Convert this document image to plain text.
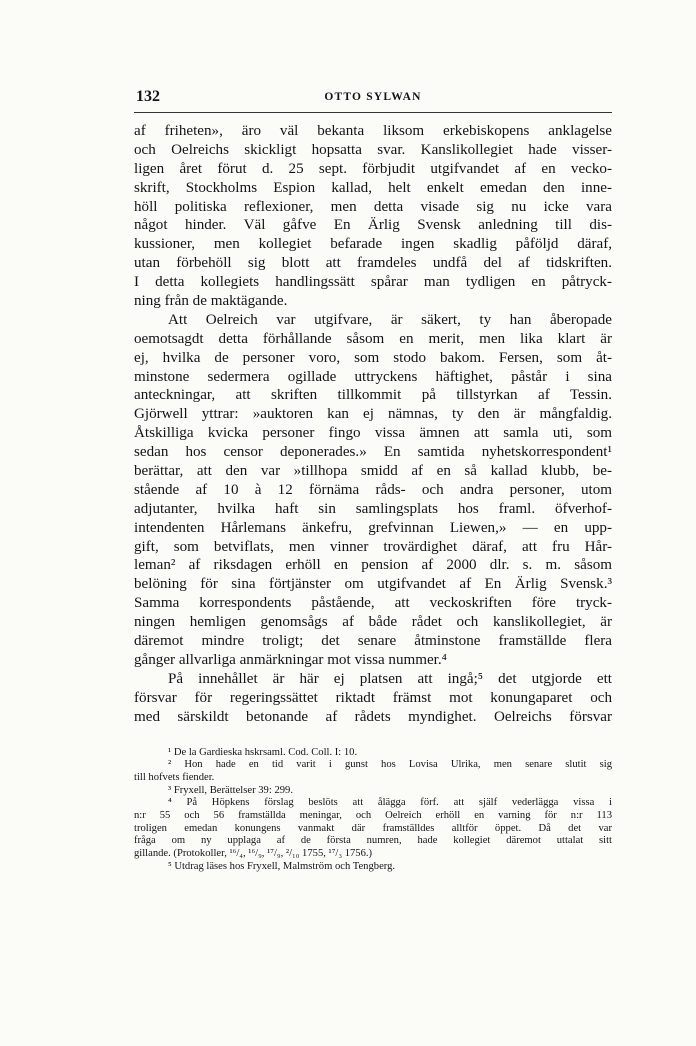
132	OTTO SYLWAN
af friheten», äro väl bekanta liksom erkebiskopens anklagelse
och Oelreichs skickligt hopsatta svar. Kanslikollegiet hade visser-
ligen året förut d. 25 sept. förbjudit utgifvandet af en vecko-
skrift, Stockholms Espion kallad, helt enkelt emedan den inne-
höll politiska reflexioner, men detta visade sig nu icke vara
något hinder. Väl gåfve En Ärlig Svensk anledning till dis-
kussioner, men kollegiet befarade ingen skadlig påföljd däraf,
utan förbehöll sig blott att framdeles undfå del af tidskriften.
I detta kollegiets handlingssätt spårar man tydligen en påtryck-
ning från de maktägande.
Att Oelreich var utgifvare, är säkert, ty han åberopade
oemotsagdt detta förhållande såsom en merit, men lika klart är
ej, hvilka de personer voro, som stodo bakom. Fersen, som åt-
minstone sedermera ogillade uttryckens häftighet, påstår i sina
anteckningar, att skriften tillkommit på tillstyrkan af Tessin.
Gjörwell yttrar: »auktoren kan ej nämnas, ty den är mångfaldig.
Åtskilliga kvicka personer fingo vissa ämnen att samla uti, som
sedan hos censor deponerades.» En samtida nyhetskorrespondent¹
berättar, att den var »tillhopa smidd af en så kallad klubb, be-
stående af 10 à 12 förnäma råds- och andra personer, utom
adjutanter, hvilka haft sin samlingsplats hos framl. öfverhof-
intendenten Hårlemans änkefru, grefvinnan Liewen,» — en upp-
gift, som betviflats, men vinner trovärdighet däraf, att fru Hår-
leman² af riksdagen erhöll en pension af 2000 dlr. s. m. såsom
belöning för sina förtjänster om utgifvandet af En Ärlig Svensk.³
Samma korrespondents påstående, att veckoskriften före tryck-
ningen hemligen genomsågs af både rådet och kanslikollegiet, är
däremot mindre troligt; det senare åtminstone framställde flera
gånger allvarliga anmärkningar mot vissa nummer.⁴
På innehållet är här ej platsen att ingå;⁵ det utgjorde ett
försvar för regeringssättet riktadt främst mot konungaparet och
med särskildt betonande af rådets myndighet. Oelreichs försvar
¹ De la Gardieska hskrsaml. Cod. Coll. I: 10.
² Hon hade en tid varit i gunst hos Lovisa Ulrika, men senare slutit sig
till hofvets fiender.
³ Fryxell, Berättelser 39: 299.
⁴ På Höpkens förslag beslöts att ålägga förf. att själf vederlägga vissa i
n:r 55 och 56 framställda meningar, och Oelreich erhöll en varning för n:r 113
troligen emedan konungens vanmakt där framställdes alltför öppet. Då det var
fråga om ny upplaga af de första numren, hade kollegiet däremot uttalat sitt
gillande. (Protokoller, ¹⁶/₄, ¹⁶/₉, ¹⁷/₉, ²/₁₀ 1755, ¹⁷/₃ 1756.)
⁵ Utdrag läses hos Fryxell, Malmström och Tengberg.
